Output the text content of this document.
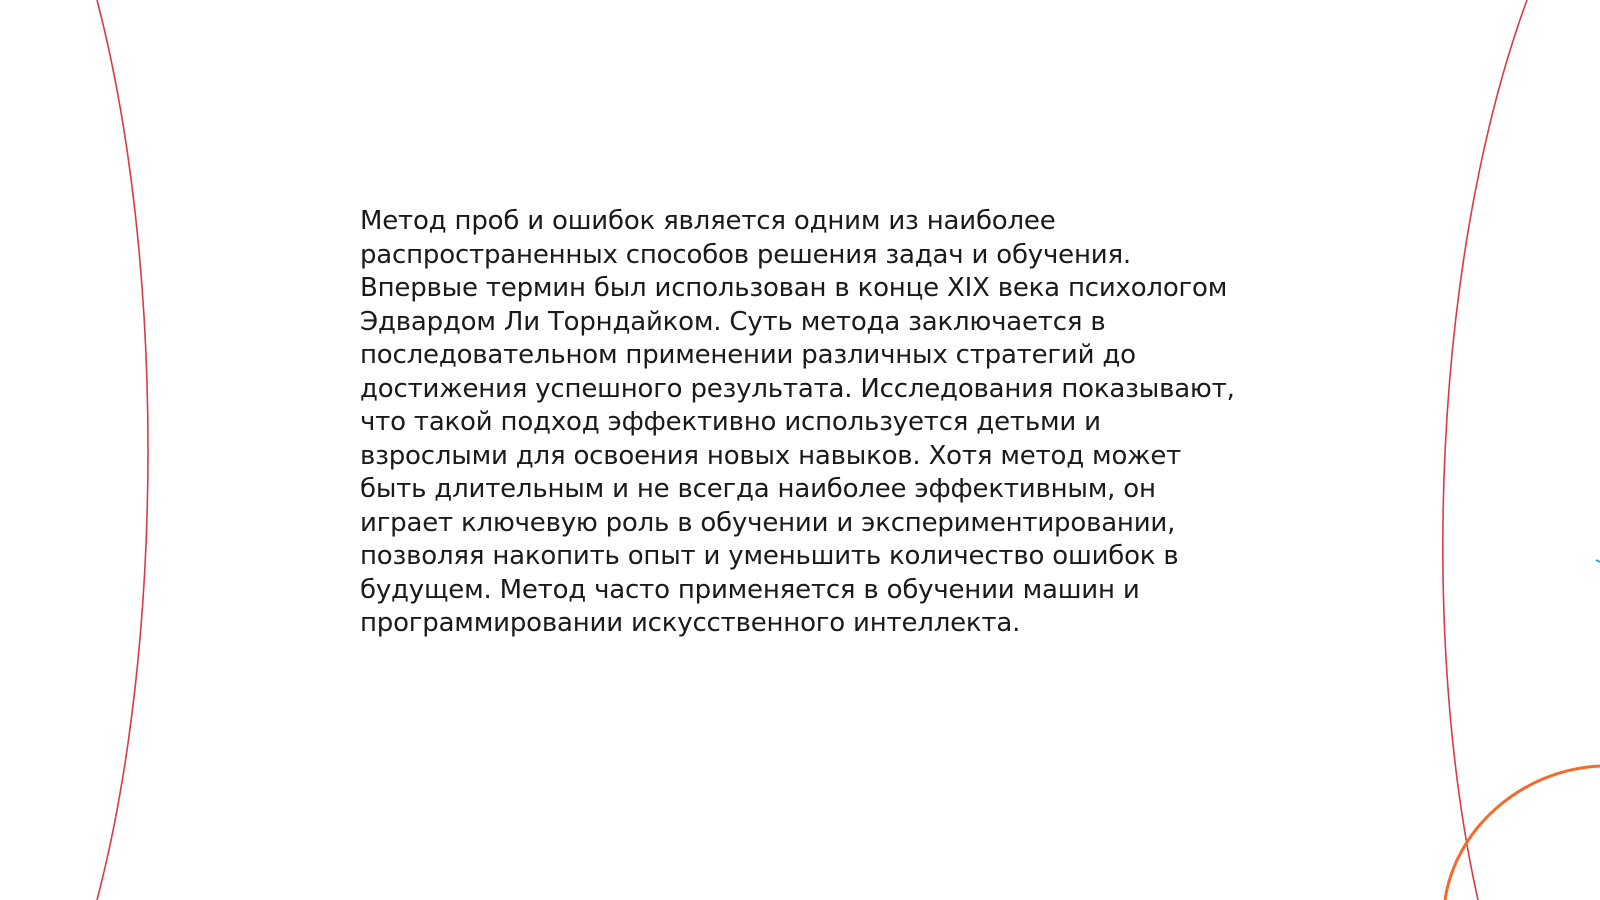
Метод проб и ошибок является одним из наиболее
распространенных способов решения задач и обучения.
Впервые термин был использован в конце XIX века психологом
Эдвардом Ли Торндайком. Суть метода заключается в
последовательном применении различных стратегий до
достижения успешного результата. Исследования показывают,
что такой подход эффективно используется детьми и
взрослыми для освоения новых навыков. Хотя метод может
быть длительным и не всегда наиболее эффективным, он
играет ключевую роль в обучении и экспериментировании,
позволяя накопить опыт и уменьшить количество ошибок в
будущем. Метод часто применяется в обучении машин и
программировании искусственного интеллекта.
